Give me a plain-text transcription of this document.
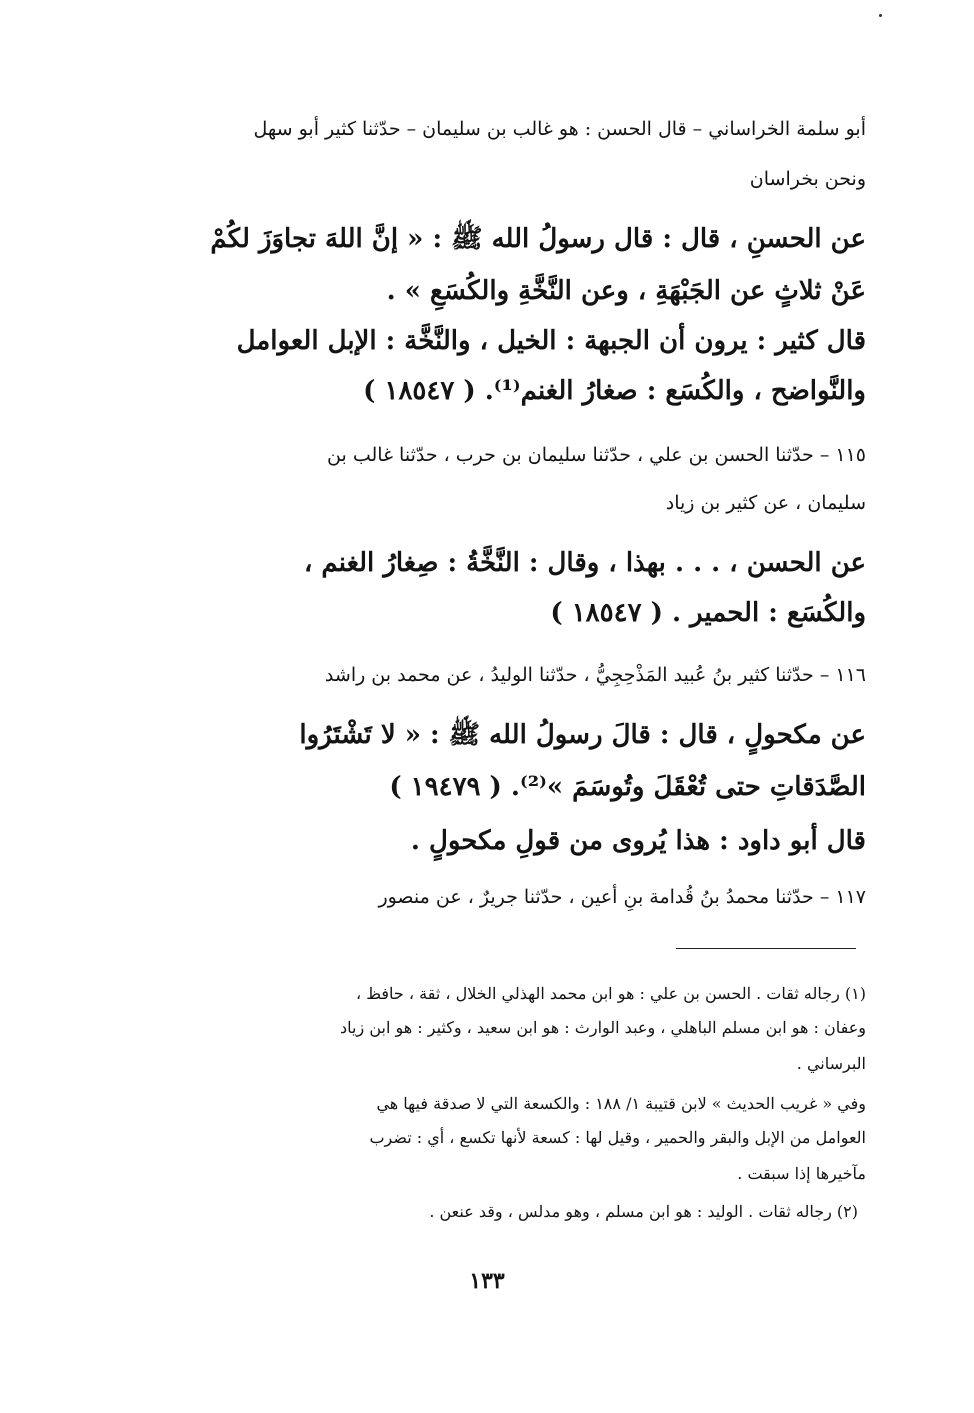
أبو سلمة الخراساني – قال الحسن : هو غالب بن سليمان – حدّثنا كثير أبو سهل
ونحن بخراسان
عن الحسنِ ، قال : قال رسولُ الله ﷺ : « إنَّ اللهَ تجاوَزَ لكُمْ
عَنْ ثلاثٍ عن الجَبْهَةِ ، وعن النَّخَّةِ والكُسَعِ » .
قال كثير : يرون أن الجبهة : الخيل ، والنَّخَّة : الإبل العوامل
والنَّواضح ، والكُسَع : صغارُ الغنم⁽¹⁾. ( ١٨٥٤٧ )
١١٥ – حدّثنا الحسن بن علي ، حدّثنا سليمان بن حرب ، حدّثنا غالب بن
سليمان ، عن كثير بن زياد
عن الحسن ، . . . بهذا ، وقال : النَّخَّةُ : صِغارُ الغنم ،
والكُسَع : الحمير . ( ١٨٥٤٧ )
١١٦ – حدّثنا كثير بنُ عُبيد المَذْحِجِيُّ ، حدّثنا الوليدُ ، عن محمد بن راشد
عن مكحولٍ ، قال : قالَ رسولُ الله ﷺ : « لا تَشْتَرُوا
الصَّدَقاتِ حتى تُعْقَلَ وتُوسَمَ »⁽²⁾. ( ١٩٤٧٩ )
قال أبو داود : هذا يُروى من قولِ مكحولٍ .
١١٧ – حدّثنا محمدُ بنُ قُدامة بنِ أعين ، حدّثنا جريرٌ ، عن منصور
(١) رجاله ثقات . الحسن بن علي : هو ابن محمد الهذلي الخلال ، ثقة ، حافظ ،
وعفان : هو ابن مسلم الباهلي ، وعبد الوارث : هو ابن سعيد ، وكثير : هو ابن زياد
البرساني .
وفي « غريب الحديث » لابن قتيبة ١/ ١٨٨ : والكسعة التي لا صدقة فيها هي
العوامل من الإبل والبقر والحمير ، وقيل لها : كسعة لأنها تكسع ، أي : تضرب
مآخيرها إذا سبقت .
(٢) رجاله ثقات . الوليد : هو ابن مسلم ، وهو مدلس ، وقد عنعن .
١٣٣
